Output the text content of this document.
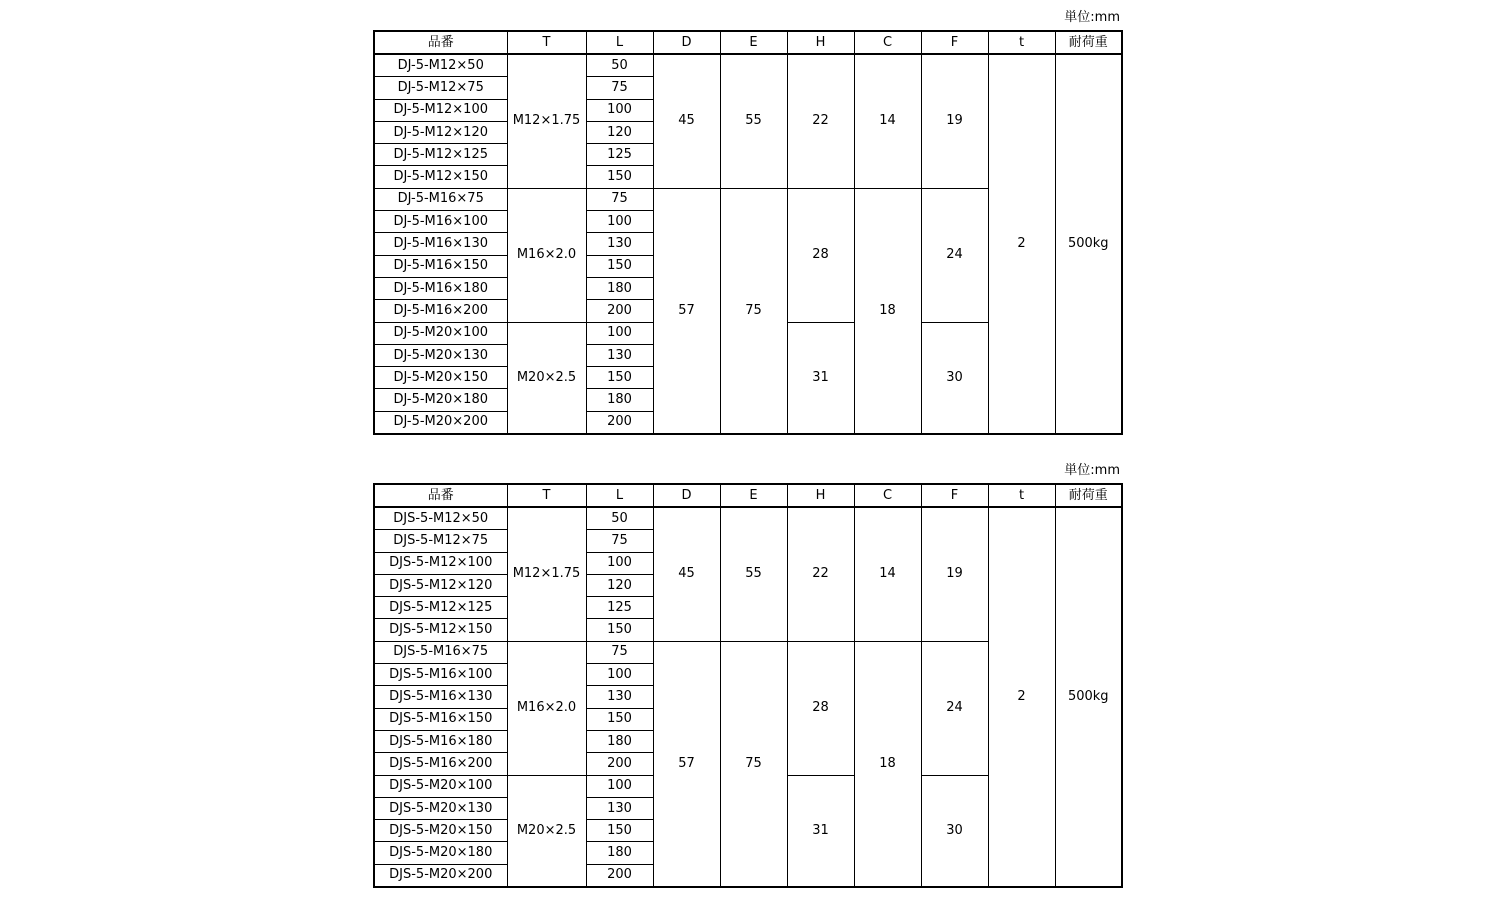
単位:mm
品番	T	L	D	E	H	C	F	t	耐荷重
DJ-5-M12×50	M12×1.75	50	45	55	22	14	19	2	500kg
DJ-5-M12×75		75							
DJ-5-M12×100		100							
DJ-5-M12×120		120							
DJ-5-M12×125		125							
DJ-5-M12×150		150							
DJ-5-M16×75	M16×2.0	75	57	75	28	18	24		
DJ-5-M16×100		100							
DJ-5-M16×130		130							
DJ-5-M16×150		150							
DJ-5-M16×180		180							
DJ-5-M16×200		200							
DJ-5-M20×100	M20×2.5	100			31		30		
DJ-5-M20×130		130							
DJ-5-M20×150		150							
DJ-5-M20×180		180							
DJ-5-M20×200		200							
単位:mm
品番	T	L	D	E	H	C	F	t	耐荷重
DJS-5-M12×50	M12×1.75	50	45	55	22	14	19	2	500kg
DJS-5-M12×75		75							
DJS-5-M12×100		100							
DJS-5-M12×120		120							
DJS-5-M12×125		125							
DJS-5-M12×150		150							
DJS-5-M16×75	M16×2.0	75	57	75	28	18	24		
DJS-5-M16×100		100							
DJS-5-M16×130		130							
DJS-5-M16×150		150							
DJS-5-M16×180		180							
DJS-5-M16×200		200							
DJS-5-M20×100	M20×2.5	100			31		30		
DJS-5-M20×130		130							
DJS-5-M20×150		150							
DJS-5-M20×180		180							
DJS-5-M20×200		200							
